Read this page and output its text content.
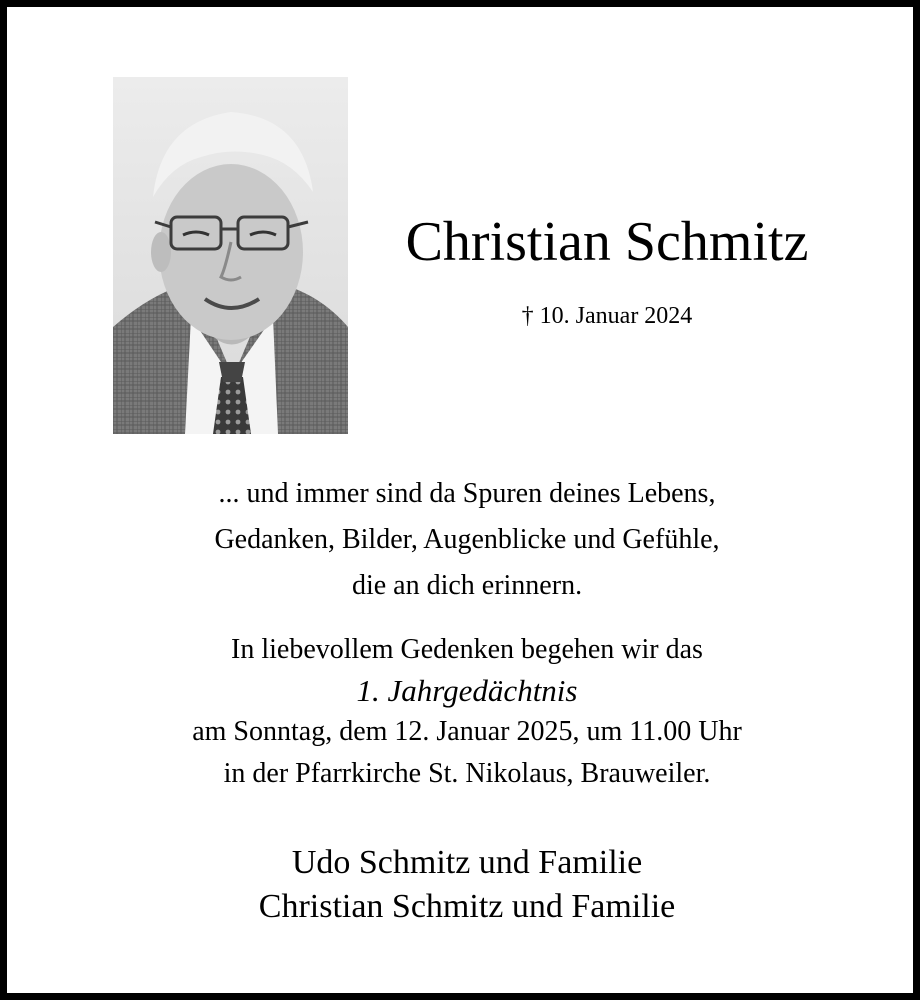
Christian Schmitz
† 10. Januar 2024
... und immer sind da Spuren deines Lebens,
Gedanken, Bilder, Augenblicke und Gefühle,
die an dich erinnern.
In liebevollem Gedenken begehen wir das
1. Jahrgedächtnis
am Sonntag, dem 12. Januar 2025, um 11.00 Uhr
in der Pfarrkirche St. Nikolaus, Brauweiler.
Udo Schmitz und Familie
Christian Schmitz und Familie
